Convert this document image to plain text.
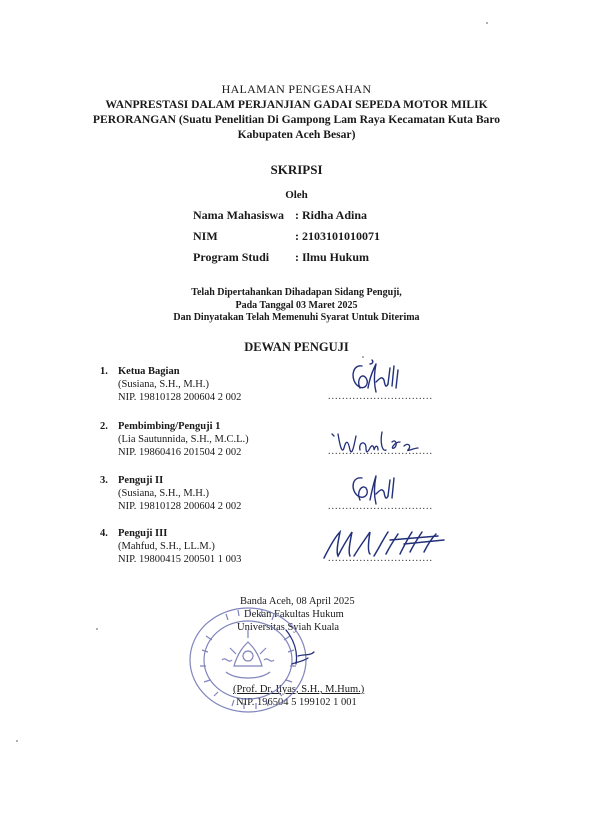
HALAMAN PENGESAHAN
WANPRESTASI DALAM PERJANJIAN GADAI SEPEDA MOTOR MILIK
PERORANGAN (Suatu Penelitian Di Gampong Lam Raya Kecamatan Kuta Baro
Kabupaten Aceh Besar)
SKRIPSI
Oleh
Nama Mahasiswa : Ridha Adina
NIM	: 2103101010071
Program Studi : Ilmu Hukum
Telah Dipertahankan Dihadapan Sidang Penguji,
Pada Tanggal 03 Maret 2025
Dan Dinyatakan Telah Memenuhi Syarat Untuk Diterima
DEWAN PENGUJI
1. Ketua Bagian
(Susiana, S.H., M.H.)
NIP. 19810128 200604 2 002	..............................
2. Pembimbing/Penguji 1
(Lia Sautunnida, S.H., M.C.L.)
NIP. 19860416 201504 2 002	..............................
3. Penguji II
(Susiana, S.H., M.H.)
NIP. 19810128 200604 2 002	..............................
4. Penguji III
(Mahfud, S.H., LL.M.)
NIP. 19800415 200501 1 003	..............................
Banda Aceh, 08 April 2025
Dekan Fakultas Hukum
Universitas Syiah Kuala
(Prof. Dr. Ilyas, S.H., M.Hum.)
NIP. 196504 5 199102 1 001
